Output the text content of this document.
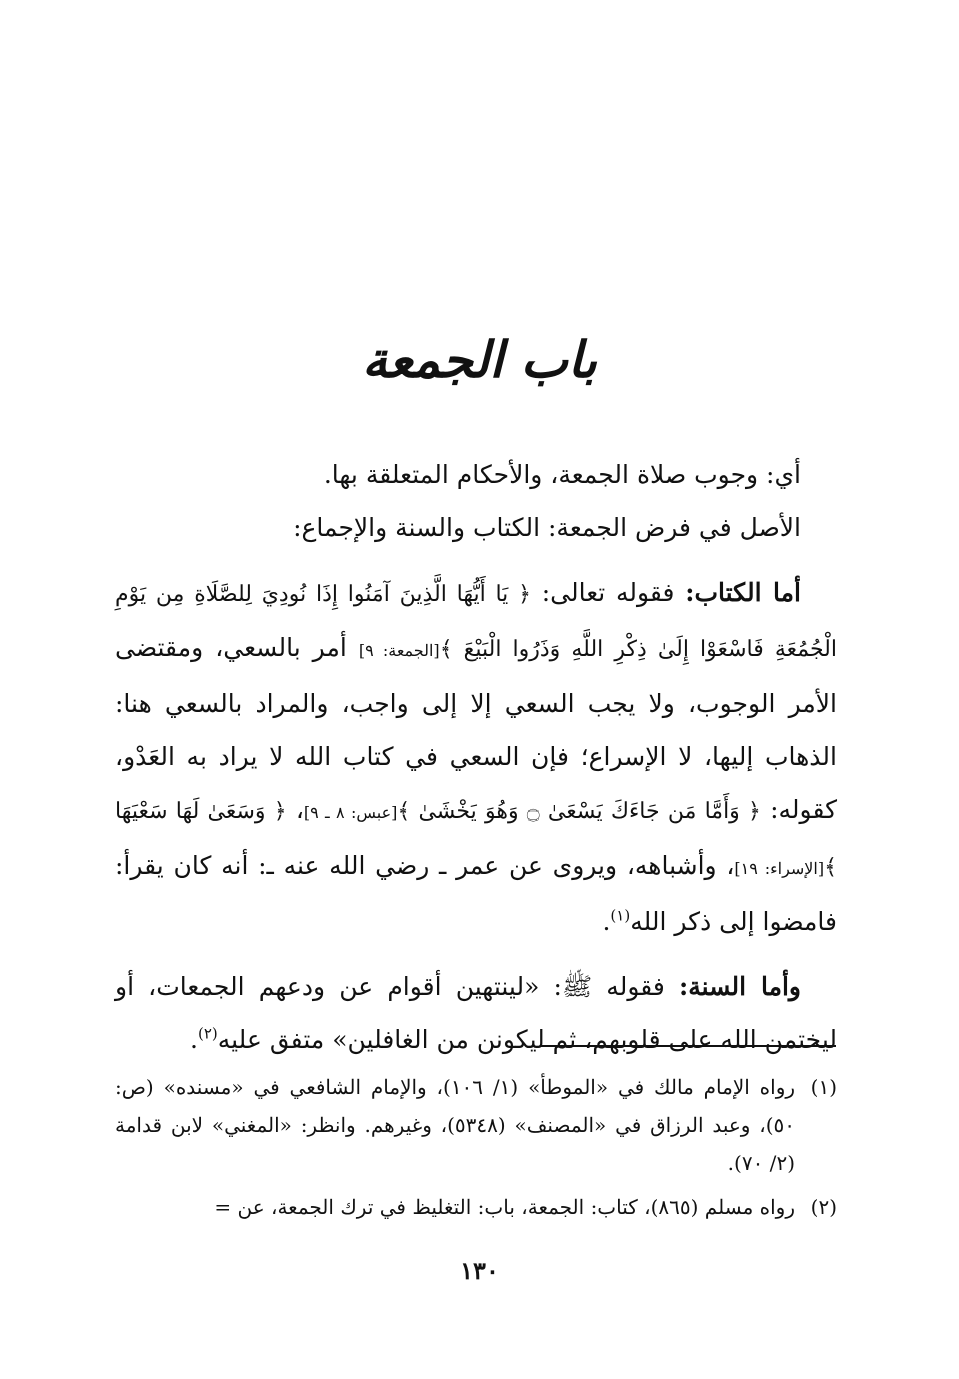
باب الجمعة

أي: وجوب صلاة الجمعة، والأحكام المتعلقة بها.

الأصل في فرض الجمعة: الكتاب والسنة والإجماع:

أما الكتاب: فقوله تعالى: ﴿ يَا أَيُّهَا الَّذِينَ آمَنُوا إِذَا نُودِيَ لِلصَّلَاةِ مِن يَوْمِ الْجُمُعَةِ فَاسْعَوْا إِلَىٰ ذِكْرِ اللَّهِ وَذَرُوا الْبَيْعَ ﴾[الجمعة: ٩] أمر بالسعي، ومقتضى الأمر الوجوب، ولا يجب السعي إلا إلى واجب، والمراد بالسعي هنا: الذهاب إليها، لا الإسراع؛ فإن السعي في كتاب الله لا يراد به العَدْو، كقوله: ﴿ وَأَمَّا مَن جَاءَكَ يَسْعَىٰ ۝ وَهُوَ يَخْشَىٰ ﴾[عبس: ٨ ـ ٩]، ﴿ وَسَعَىٰ لَهَا سَعْيَهَا ﴾[الإسراء: ١٩]، وأشباهه، ويروى عن عمر ـ رضي الله عنه ـ: أنه كان يقرأ: فامضوا إلى ذكر الله$^{(١)}$.

وأما السنة: فقوله ﷺ: «لينتهين أقوام عن ودعهم الجمعات، أو ليختمن الله على قلوبهم، ثم ليكونن من الغافلين» متفق عليه$^{(٢)}$.

(١)
رواه الإمام مالك في «الموطأ» (١/ ١٠٦)، والإمام الشافعي في «مسنده» (ص: ٥٠)، وعبد الرزاق في «المصنف» (٥٣٤٨)، وغيرهم. وانظر: «المغني» لابن قدامة (٢/ ٧٠).
(٢)
رواه مسلم (٨٦٥)، كتاب: الجمعة، باب: التغليظ في ترك الجمعة، عن =
١٣٠
